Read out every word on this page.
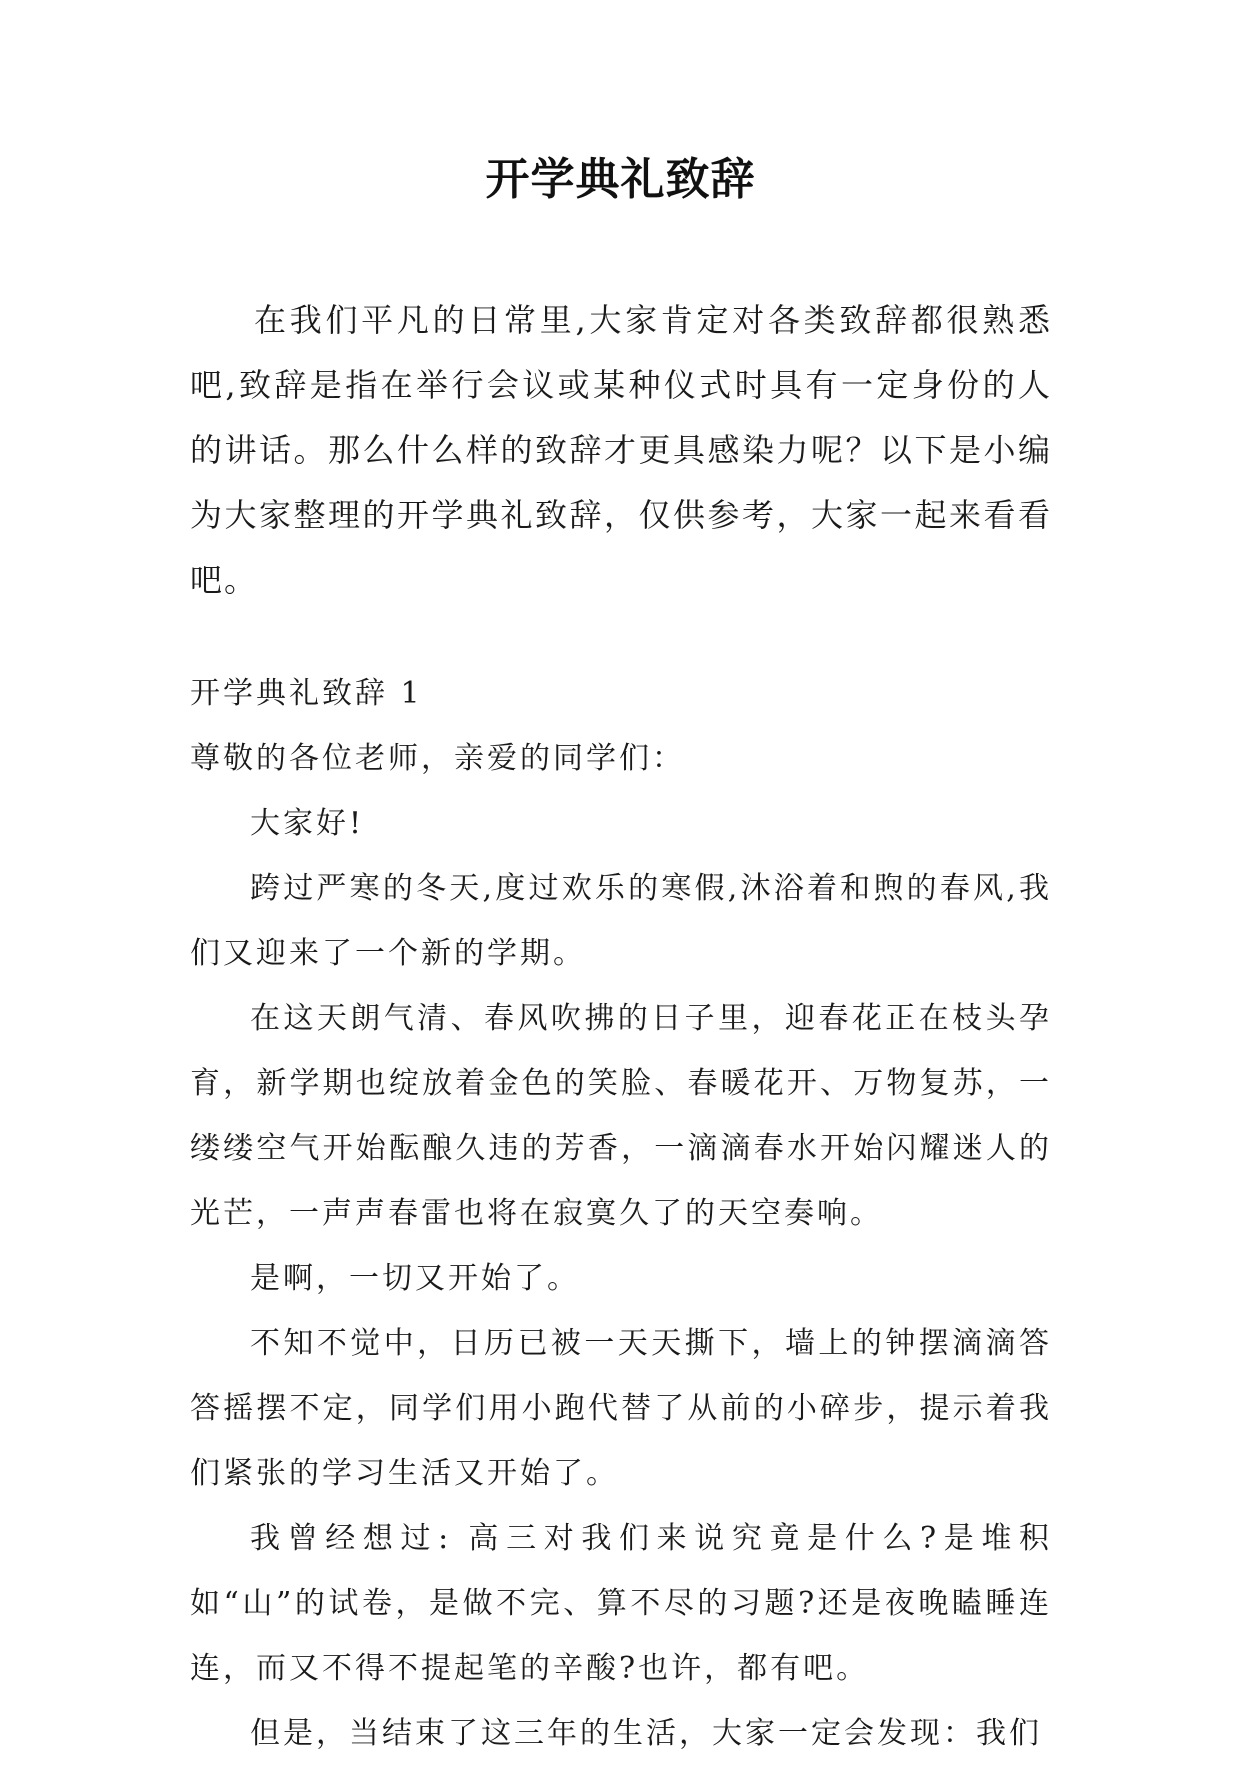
开学典礼致辞

在我们平凡的日常里,大家肯定对各类致辞都很熟悉吧,致辞是指在举行会议或某种仪式时具有一定身份的人的讲话。那么什么样的致辞才更具感染力呢？以下是小编为大家整理的开学典礼致辞，仅供参考，大家一起来看看吧。

开学典礼致辞 1

尊敬的各位老师，亲爱的同学们：

大家好!

跨过严寒的冬天,度过欢乐的寒假,沐浴着和煦的春风,我们又迎来了一个新的学期。

在这天朗气清、春风吹拂的日子里，迎春花正在枝头孕育，新学期也绽放着金色的笑脸、春暖花开、万物复苏，一缕缕空气开始酝酿久违的芳香，一滴滴春水开始闪耀迷人的光芒，一声声春雷也将在寂寞久了的天空奏响。

是啊，一切又开始了。

不知不觉中，日历已被一天天撕下，墙上的钟摆滴滴答答摇摆不定，同学们用小跑代替了从前的小碎步，提示着我们紧张的学习生活又开始了。

我曾经想过: 高三对我们来说究竟是什么?是堆积如“山”的试卷，是做不完、算不尽的习题?还是夜晚瞌睡连连，而又不得不提起笔的辛酸?也许，都有吧。

但是，当结束了这三年的生活，大家一定会发现：我们
